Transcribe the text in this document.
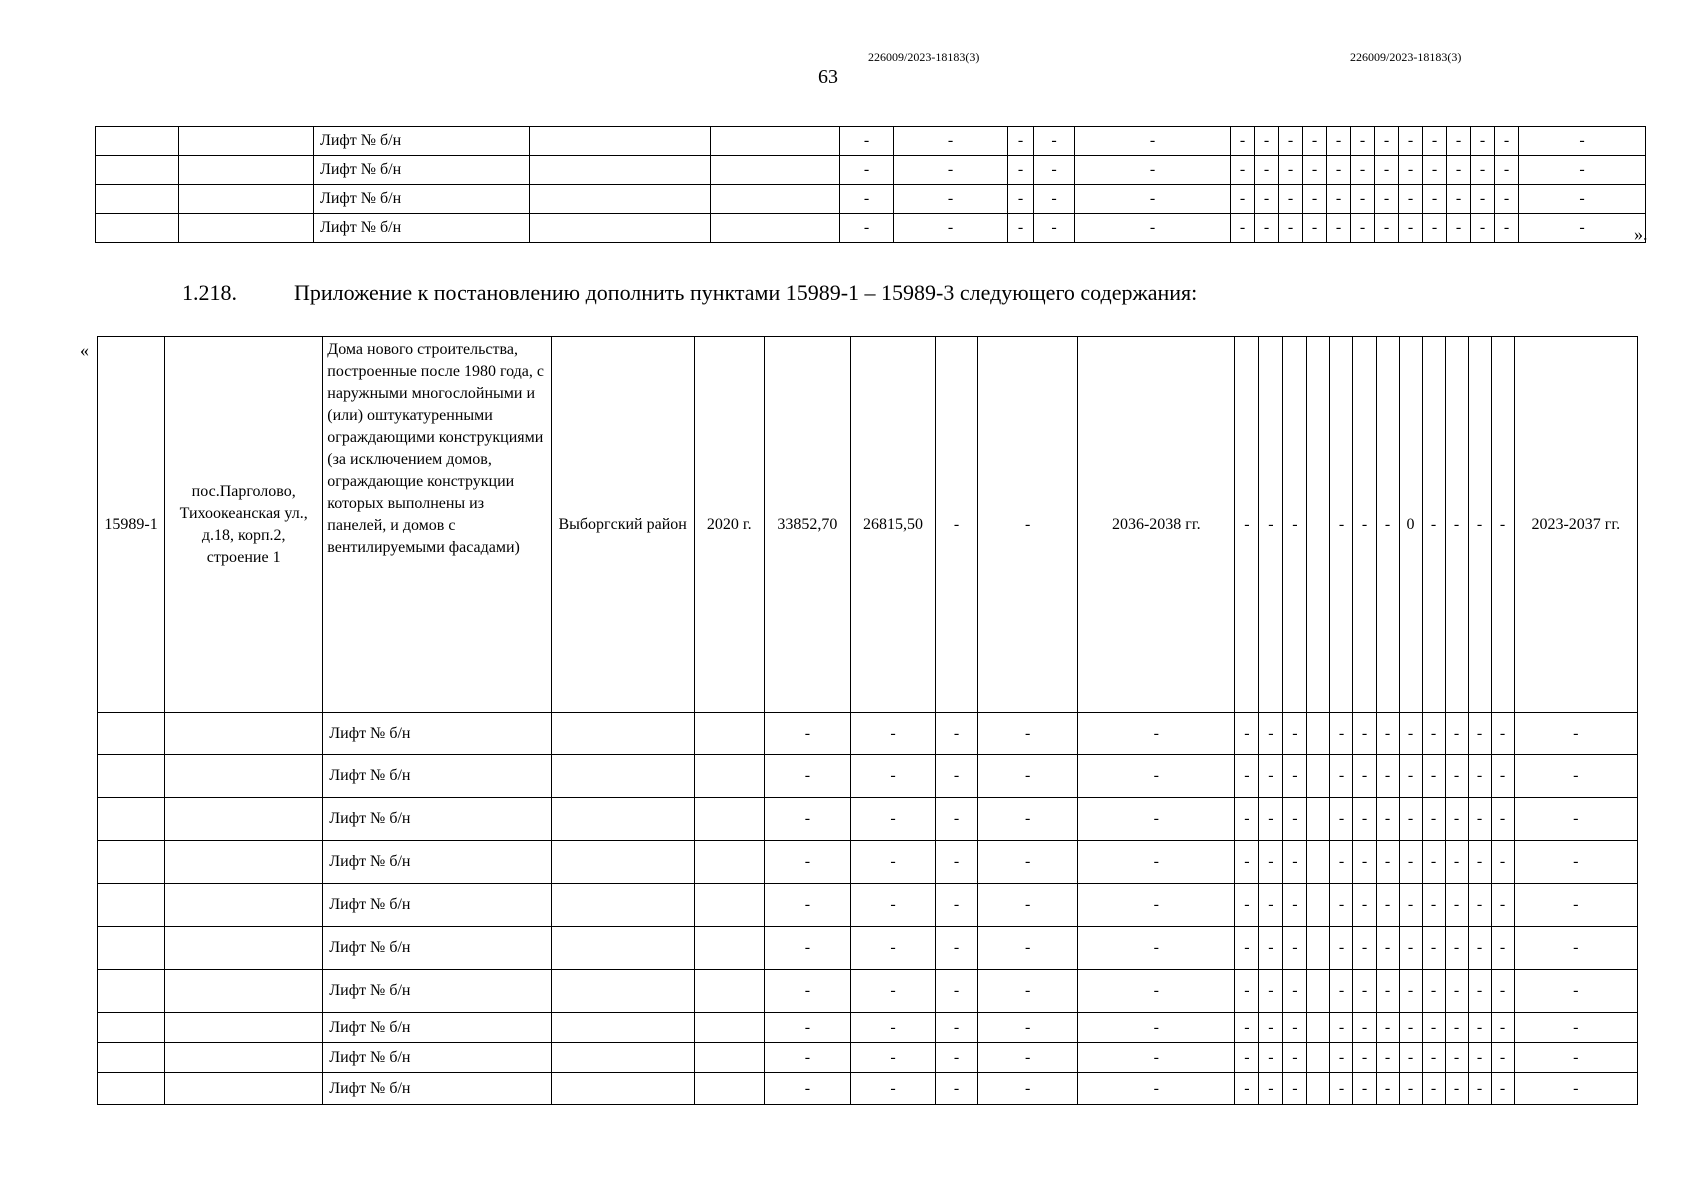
226009/2023-18183(3)	226009/2023-18183(3)
63
		Лифт № б/н			-	-	-	-	-	-	-	-	-	-	-	-	-	-	-	-	-	-	
		Лифт № б/н			-	-	-	-	-	-	-	-	-	-	-	-	-	-	-	-	-	-	
		Лифт № б/н			-	-	-	-	-	-	-	-	-	-	-	-	-	-	-	-	-	-	
		Лифт № б/н			-	-	-	-	-	-	-	-	-	-	-	-	-	-	-	-	-	-		».
1.218.	Приложение к постановлению дополнить пунктами 15989-1 – 15989-3 следующего содержания:
«
15989-1	пос.Парголово, Тихоокеанская ул., д.18, корп.2, строение 1	Дома нового строительства, построенные после 1980 года, с наружными многослойными и (или) оштукатуренными ограждающими конструкциями (за исключением домов, ограждающие конструкции которых выполнены из панелей, и домов с вентилируемыми фасадами)	Выборгский район	2020 г.	33852,70	26815,50	-	-	2036-2038 гг.	-	-	-		-	-	-	0	-	-	-	-	2023-2037 гг.
		Лифт № б/н			-	-	-	-	-	-	-	-		-	-	-	-	-	-	-	-	-
		Лифт № б/н			-	-	-	-	-	-	-	-		-	-	-	-	-	-	-	-	-
		Лифт № б/н			-	-	-	-	-	-	-	-		-	-	-	-	-	-	-	-	-
		Лифт № б/н			-	-	-	-	-	-	-	-		-	-	-	-	-	-	-	-	-
		Лифт № б/н			-	-	-	-	-	-	-	-		-	-	-	-	-	-	-	-	-
		Лифт № б/н			-	-	-	-	-	-	-	-		-	-	-	-	-	-	-	-	-
		Лифт № б/н			-	-	-	-	-	-	-	-		-	-	-	-	-	-	-	-	-
		Лифт № б/н			-	-	-	-	-	-	-	-		-	-	-	-	-	-	-	-	-
		Лифт № б/н			-	-	-	-	-	-	-	-		-	-	-	-	-	-	-	-	-
		Лифт № б/н			-	-	-	-	-	-	-	-		-	-	-	-	-	-	-	-	-
